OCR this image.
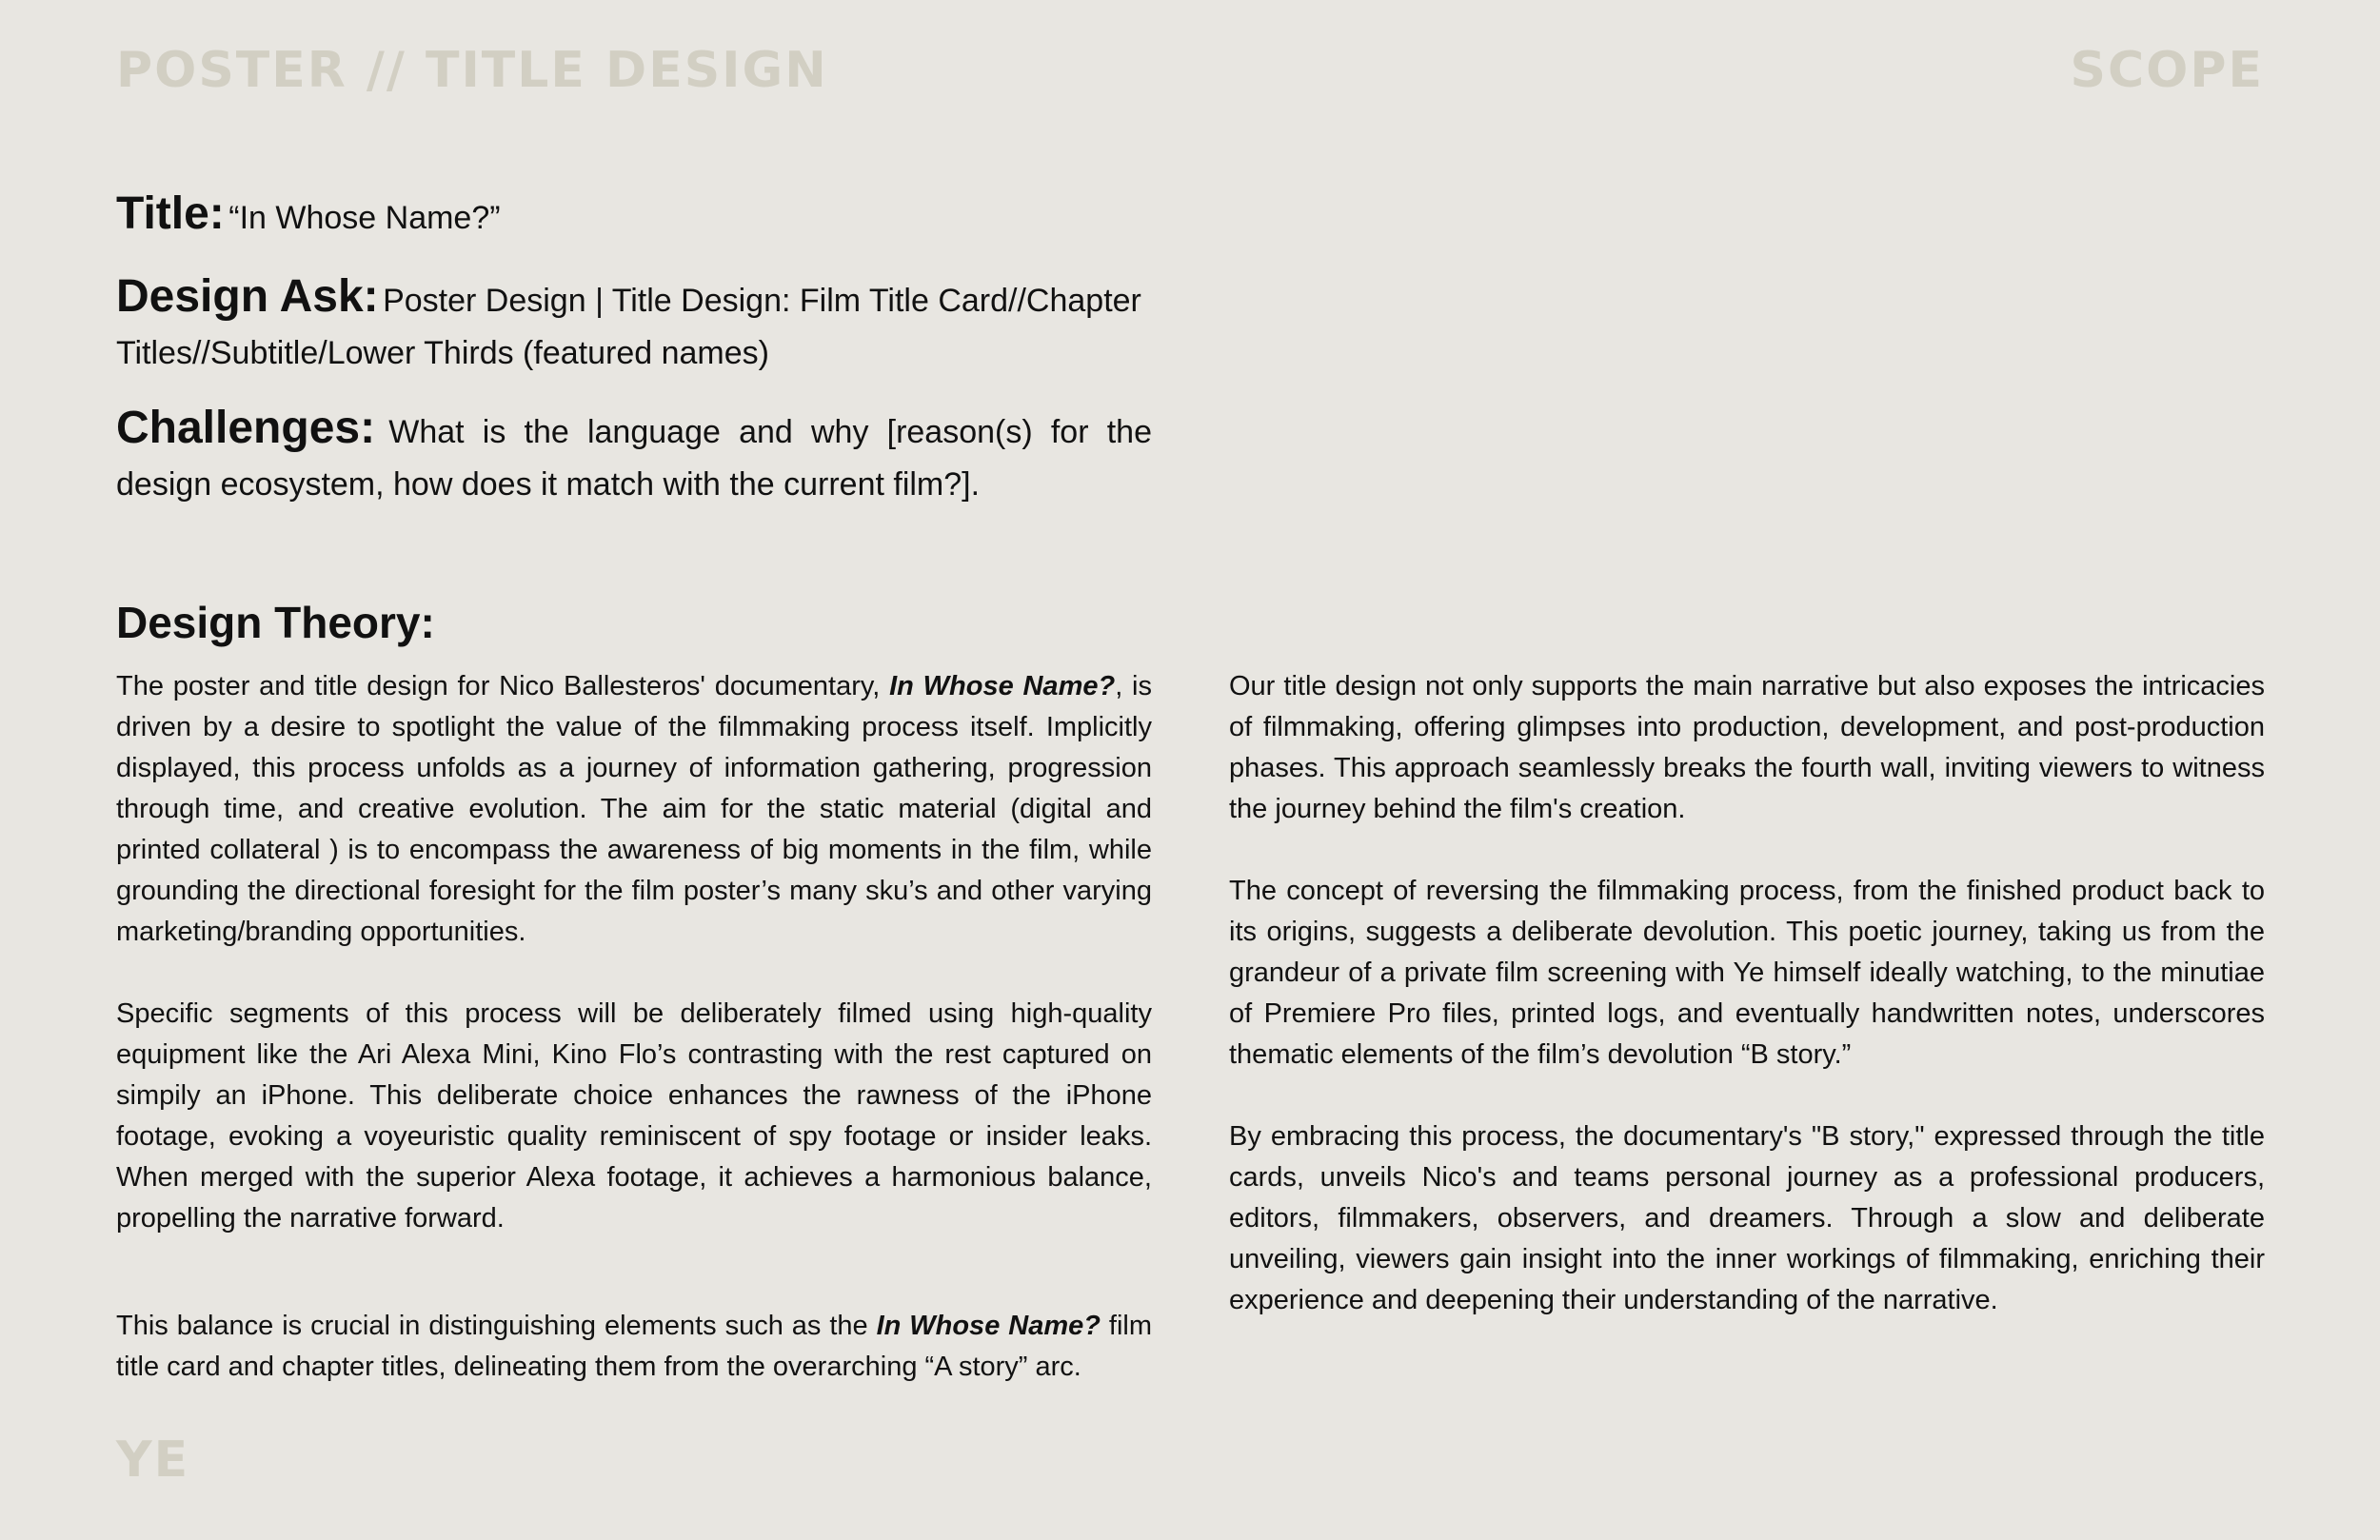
POSTER // TITLE DESIGN	SCOPE

Title: “In Whose Name?”

Design Ask: Poster Design | Title Design: Film Title Card//Chapter Titles//Subtitle/Lower Thirds (featured names)

Challenges: What is the language and why [reason(s) for the design ecosystem, how does it match with the current film?].

Design Theory:

The poster and title design for Nico Ballesteros' documentary, In Whose Name?, is driven by a desire to spotlight the value of the filmmaking process itself. Implicitly displayed, this process unfolds as a journey of information gathering, progression through time, and creative evolution. The aim for the static material (digital and printed collateral ) is to encompass the awareness of big moments in the film, while grounding the directional foresight for the film poster’s many sku’s and other varying marketing/branding opportunities.

Specific segments of this process will be deliberately filmed using high-quality equipment like the Ari Alexa Mini, Kino Flo’s contrasting with the rest captured on simpily an iPhone. This deliberate choice enhances the rawness of the iPhone footage, evoking a voyeuristic quality reminiscent of spy footage or insider leaks. When merged with the superior Alexa footage, it achieves a harmonious balance, propelling the narrative forward.

This balance is crucial in distinguishing elements such as the In Whose Name? film title card and chapter titles, delineating them from the overarching “A story” arc.

Our title design not only supports the main narrative but also exposes the intricacies of filmmaking, offering glimpses into production, development, and post-production phases. This approach seamlessly breaks the fourth wall, inviting viewers to witness the journey behind the film's creation.

The concept of reversing the filmmaking process, from the finished product back to its origins, suggests a deliberate devolution. This poetic journey, taking us from the grandeur of a private film screening with Ye himself ideally watching, to the minutiae of Premiere Pro files, printed logs, and eventually handwritten notes, underscores thematic elements of the film’s devolution “B story.”

By embracing this process, the documentary's "B story," expressed through the title cards, unveils Nico's and teams personal journey as a professional producers, editors, filmmakers, observers, and dreamers. Through a slow and deliberate unveiling, viewers gain insight into the inner workings of filmmaking, enriching their experience and deepening their understanding of the narrative.

YE
